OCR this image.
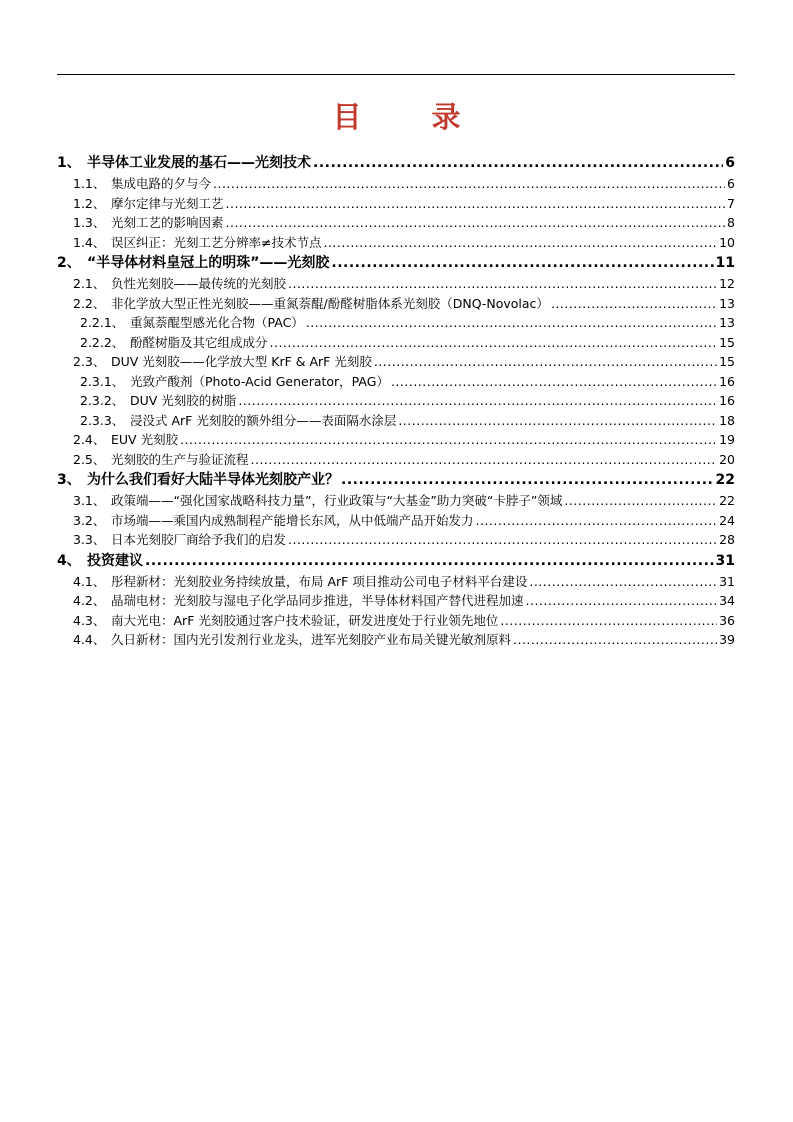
目 录
1、 半导体工业发展的基石——光刻技术 .....	6
1.1、 集成电路的夕与今 .....	6
1.2、 摩尔定律与光刻工艺 .....	7
1.3、 光刻工艺的影响因素 .....	8
1.4、 误区纠正：光刻工艺分辨率≠技术节点 .....	10
2、 “半导体材料皇冠上的明珠”——光刻胶 .....	11
2.1、 负性光刻胶——最传统的光刻胶 .....	12
2.2、 非化学放大型正性光刻胶——重氮萘醌/酚醛树脂体系光刻胶（DNQ-Novolac） .....	13
2.2.1、 重氮萘醌型感光化合物（PAC） .....	13
2.2.2、 酚醛树脂及其它组成成分 .....	15
2.3、 DUV 光刻胶——化学放大型 KrF & ArF 光刻胶 .....	15
2.3.1、 光致产酸剂（Photo-Acid Generator，PAG） .....	16
2.3.2、 DUV 光刻胶的树脂 .....	16
2.3.3、 浸没式 ArF 光刻胶的额外组分——表面隔水涂层 .....	18
2.4、 EUV 光刻胶 .....	19
2.5、 光刻胶的生产与验证流程 .....	20
3、 为什么我们看好大陆半导体光刻胶产业？ .....	22
3.1、 政策端——“强化国家战略科技力量”，行业政策与“大基金”助力突破“卡脖子”领域 .....	22
3.2、 市场端——乘国内成熟制程产能增长东风，从中低端产品开始发力 .....	24
3.3、 日本光刻胶厂商给予我们的启发 .....	28
4、 投资建议 .....	31
4.1、 彤程新材：光刻胶业务持续放量，布局 ArF 项目推动公司电子材料平台建设 .....	31
4.2、 晶瑞电材：光刻胶与湿电子化学品同步推进，半导体材料国产替代进程加速 .....	34
4.3、 南大光电：ArF 光刻胶通过客户技术验证，研发进度处于行业领先地位 .....	36
4.4、 久日新材：国内光引发剂行业龙头，进军光刻胶产业布局关键光敏剂原料 .....	39
